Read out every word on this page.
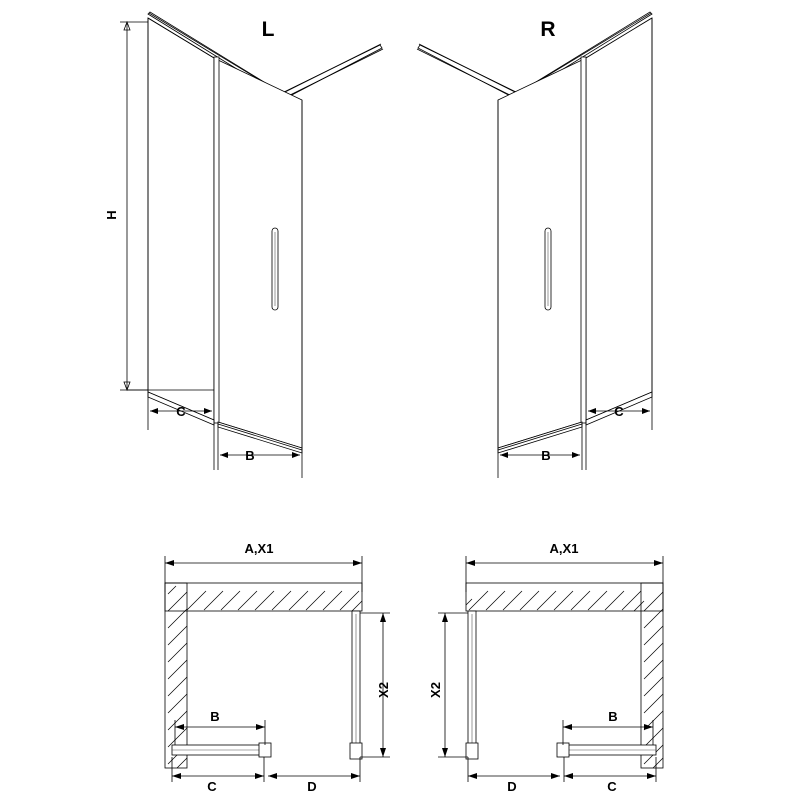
L
H
C
B
R
C
B
A,X1
X2
B
C	D
A,X1
X2
B
C
D
